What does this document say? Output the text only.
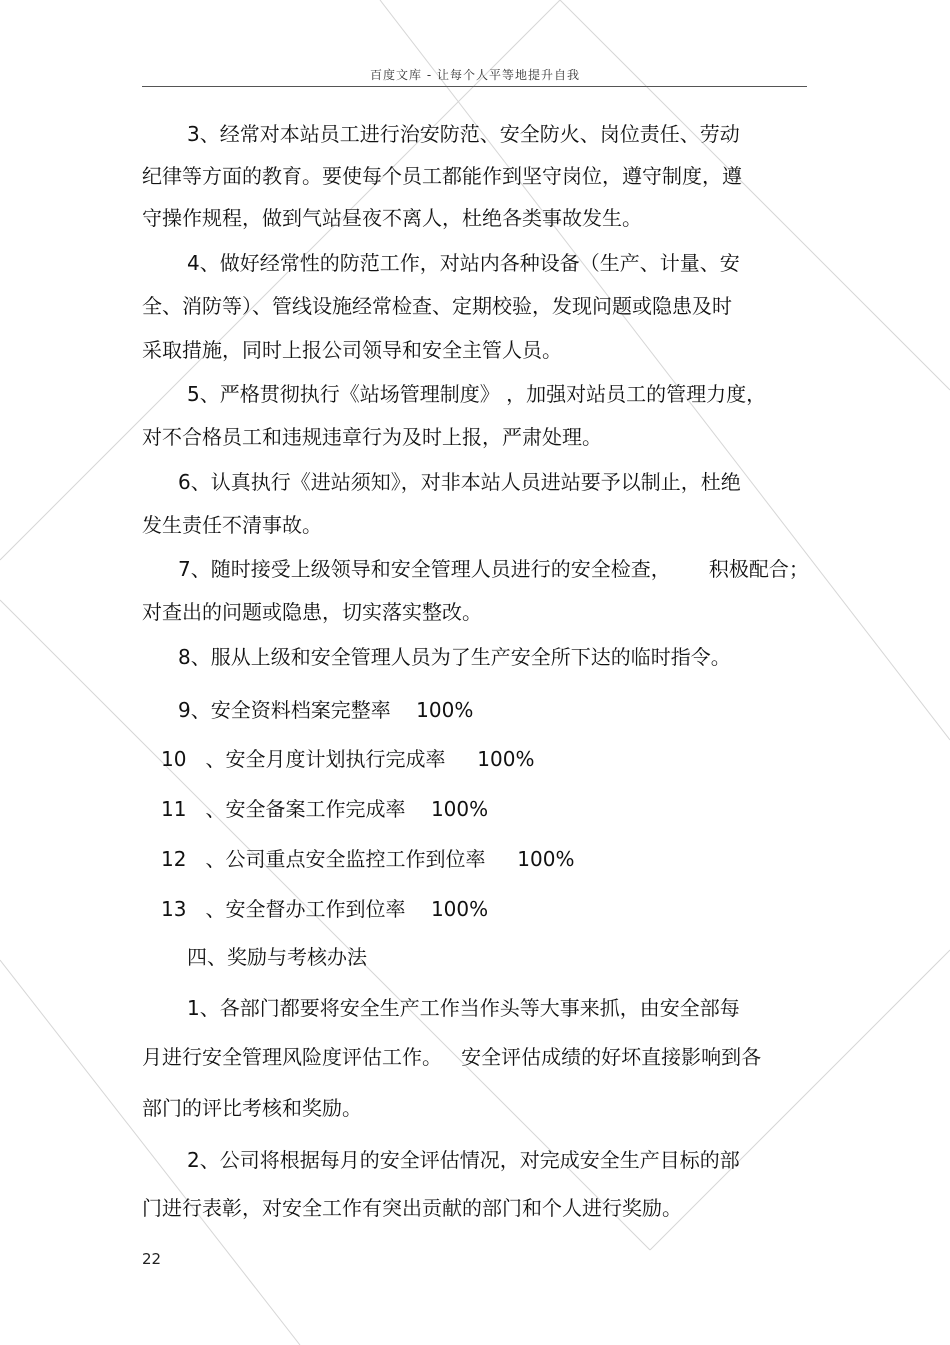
百度文库 - 让每个人平等地提升自我
3、经常对本站员工进行治安防范、安全防火、岗位责任、劳动
纪律等方面的教育。要使每个员工都能作到坚守岗位，遵守制度，遵
守操作规程，做到气站昼夜不离人，杜绝各类事故发生。
4、做好经常性的防范工作，对站内各种设备（生产、计量、安
全、消防等）、管线设施经常检查、定期校验，发现问题或隐患及时
采取措施，同时上报公司领导和安全主管人员。
5、严格贯彻执行《站场管理制度》 ，加强对站员工的管理力度，
对不合格员工和违规违章行为及时上报，严肃处理。
6、认真执行《进站须知》，对非本站人员进站要予以制止，杜绝
发生责任不清事故。
7、随时接受上级领导和安全管理人员进行的安全检查，      积极配合；
对查出的问题或隐患，切实落实整改。
8、服从上级和安全管理人员为了生产安全所下达的临时指令。
9、安全资料档案完整率    100%
10   、安全月度计划执行完成率     100%
11   、安全备案工作完成率    100%
12   、公司重点安全监控工作到位率     100%
13   、安全督办工作到位率    100%
四、奖励与考核办法
1、各部门都要将安全生产工作当作头等大事来抓，由安全部每
月进行安全管理风险度评估工作。   安全评估成绩的好坏直接影响到各
部门的评比考核和奖励。
2、公司将根据每月的安全评估情况，对完成安全生产目标的部
门进行表彰，对安全工作有突出贡献的部门和个人进行奖励。
22
